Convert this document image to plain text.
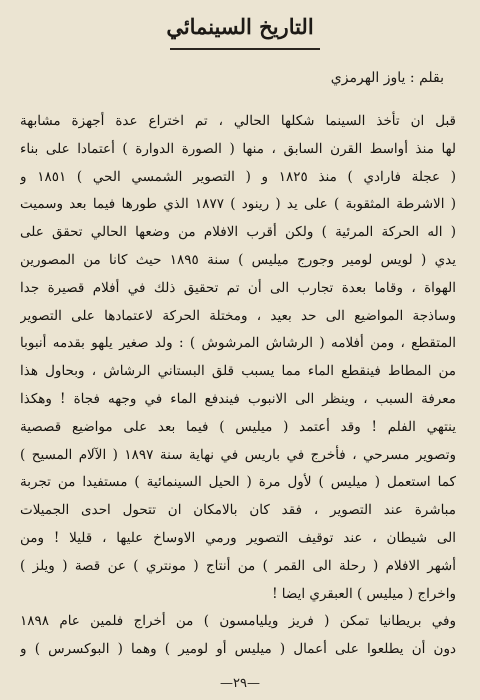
التاريخ السينمائي
بقلم : ياوز الهرمزي
قبل ان تأخذ السينما شكلها الحالي ، تم اختراع عدة أجهزة مشابهة
لها منذ أواسط القرن السابق ، منها ( الصورة الدوارة ) أعتمادا على بناء
( عجلة فارادي ) منذ ١٨٢٥ و ( التصوير الشمسي الحي ) ١٨٥١ و
( الاشرطة المثقوبة ) على يد ( رينود ) ١٨٧٧ الذي طورها فيما بعد وسميت
( اله الحركة المرئية ) ولكن أقرب الافلام من وضعها الحالي تحقق على
يدي ( لويس لومير وجورج ميليس ) سنة ١٨٩٥ حيث كانا من المصورين
الهواة ، وقاما بعدة تجارب الى أن تم تحقيق ذلك في أفلام قصيرة جدا
وساذجة المواضيع الى حد بعيد ، ومختلة الحركة لاعتمادها على التصوير
المتقطع ، ومن أفلامه ( الرشاش المرشوش ) : ولد صغير يلهو بقدمه أنبوبا
من المطاط فينقطع الماء مما يسبب قلق البستاني الرشاش ، وبحاول هذا
معرفة السبب ، وينظر الى الانبوب فيندفع الماء في وجهه فجاة ! وهكذا
ينتهي الفلم ! وقد أعتمد ( ميليس ) فيما بعد على مواضيع قصصية
وتصوير مسرحي ، فأخرج في باريس في نهاية سنة ١٨٩٧ ( الآلام المسيح )
كما استعمل ( ميليس ) لأول مرة ( الحيل السينمائية ) مستفيدا من تجربة
مباشرة عند التصوير ، فقد كان بالامكان ان تتحول احدى الجميلات
الى شيطان ، عند توقيف التصوير ورمي الاوساخ عليها ، قليلا ! ومن
أشهر الافلام ( رحلة الى القمر ) من أنتاج ( مونتري ) عن قصة ( ويلز )
واخراج ( ميليس ) العبقري ايضا !
وفي بريطانيا تمكن ( فريز ويليامسون ) من أخراج فلمين عام ١٨٩٨
دون أن يطلعوا على أعمال ( ميليس أو لومير ) وهما ( البوكسرس ) و
—٢٩—
